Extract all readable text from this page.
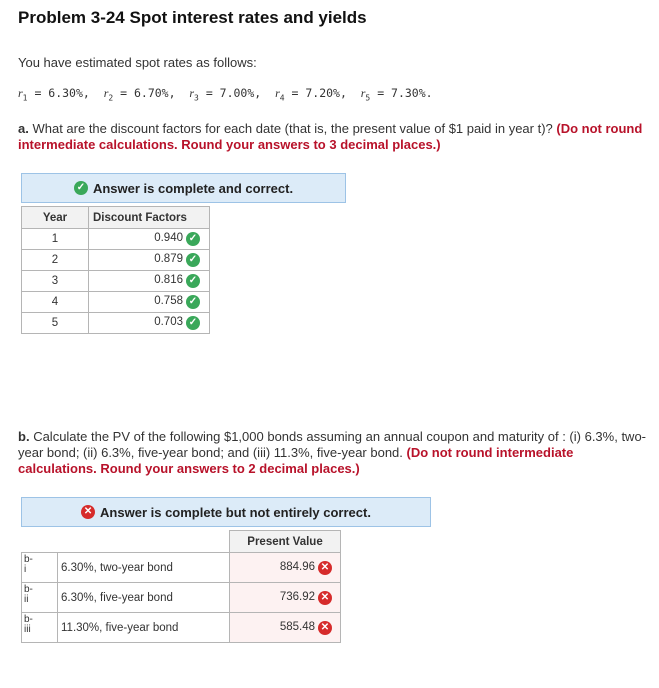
Problem 3-24 Spot interest rates and yields
You have estimated spot rates as follows:
$r_1 = 6.30\%$, $r_2 = 6.70\%$, $r_3 = 7.00\%$, $r_4 = 7.20\%$, $r_5 = 7.30\%$.
a. What are the discount factors for each date (that is, the present value of $1 paid in year t)? (Do not round intermediate calculations. Round your answers to 3 decimal places.)
✓ Answer is complete and correct.
Year	Discount Factors
1	0.940 ✓
2	0.879 ✓
3	0.816 ✓
4	0.758 ✓
5	0.703 ✓
b. Calculate the PV of the following $1,000 bonds assuming an annual coupon and maturity of : (i) 6.3%, two-year bond; (ii) 6.3%, five-year bond; and (iii) 11.3%, five-year bond. (Do not round intermediate calculations. Round your answers to 2 decimal places.)
✕ Answer is complete but not entirely correct.
		Present Value
b-
i	6.30%, two-year bond	884.96 ✕
b-
ii	6.30%, five-year bond	736.92 ✕
b-
iii	11.30%, five-year bond	585.48 ✕
